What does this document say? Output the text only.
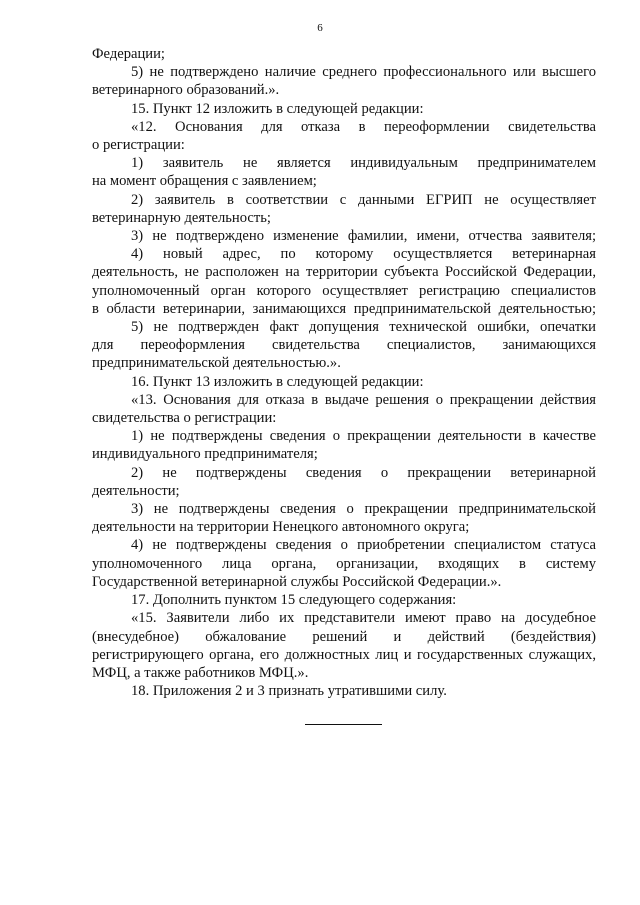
6
Федерации;
5) не подтверждено наличие среднего профессионального или высшего
ветеринарного образований.».
15. Пункт 12 изложить в следующей редакции:
«12. Основания для отказа в переоформлении свидетельства
о регистрации:
1) заявитель не является индивидуальным предпринимателем
на момент обращения с заявлением;
2) заявитель в соответствии с данными ЕГРИП не осуществляет
ветеринарную деятельность;
3) не подтверждено изменение фамилии, имени, отчества заявителя;
4) новый адрес, по которому осуществляется ветеринарная
деятельность, не расположен на территории субъекта Российской Федерации,
уполномоченный орган которого осуществляет регистрацию специалистов
в области ветеринарии, занимающихся предпринимательской деятельностью;
5) не подтвержден факт допущения технической ошибки, опечатки
для переоформления свидетельства специалистов, занимающихся
предпринимательской деятельностью.».
16. Пункт 13 изложить в следующей редакции:
«13. Основания для отказа в выдаче решения о прекращении действия
свидетельства о регистрации:
1) не подтверждены сведения о прекращении деятельности в качестве
индивидуального предпринимателя;
2) не подтверждены сведения о прекращении ветеринарной
деятельности;
3) не подтверждены сведения о прекращении предпринимательской
деятельности на территории Ненецкого автономного округа;
4) не подтверждены сведения о приобретении специалистом статуса
уполномоченного лица органа, организации, входящих в систему
Государственной ветеринарной службы Российской Федерации.».
17. Дополнить пунктом 15 следующего содержания:
«15. Заявители либо их представители имеют право на досудебное
(внесудебное) обжалование решений и действий (бездействия)
регистрирующего органа, его должностных лиц и государственных служащих,
МФЦ, а также работников МФЦ.».
18. Приложения 2 и 3 признать утратившими силу.
